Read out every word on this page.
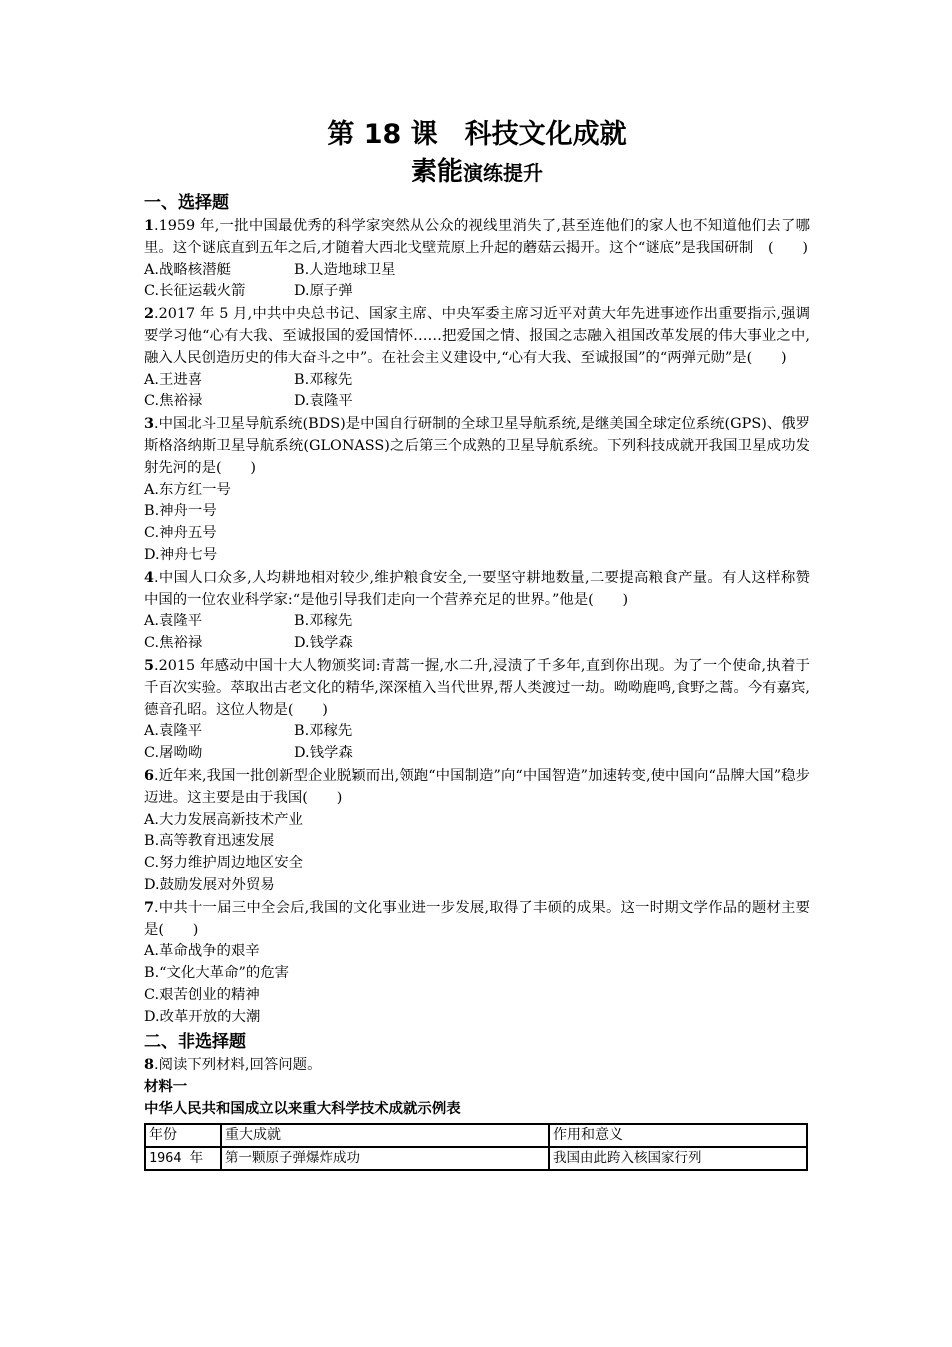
第 18 课　科技文化成就
素能演练提升
一、选择题
1.1959 年,一批中国最优秀的科学家突然从公众的视线里消失了,甚至连他们的家人也不知道他们去了哪里。这个谜底直到五年之后,才随着大西北戈壁荒原上升起的蘑菇云揭开。这个“谜底”是我国研制 (　　)
A.战略核潜艇	B.人造地球卫星
C.长征运载火箭	D.原子弹
2.2017 年 5 月,中共中央总书记、国家主席、中央军委主席习近平对黄大年先进事迹作出重要指示,强调要学习他“心有大我、至诚报国的爱国情怀……把爱国之情、报国之志融入祖国改革发展的伟大事业之中,融入人民创造历史的伟大奋斗之中”。在社会主义建设中,“心有大我、至诚报国”的“两弹元勋”是(　　)
A.王进喜	B.邓稼先
C.焦裕禄	D.袁隆平
3.中国北斗卫星导航系统(BDS)是中国自行研制的全球卫星导航系统,是继美国全球定位系统(GPS)、俄罗斯格洛纳斯卫星导航系统(GLONASS)之后第三个成熟的卫星导航系统。下列科技成就开我国卫星成功发射先河的是(　　)
A.东方红一号
B.神舟一号
C.神舟五号
D.神舟七号
4.中国人口众多,人均耕地相对较少,维护粮食安全,一要坚守耕地数量,二要提高粮食产量。有人这样称赞中国的一位农业科学家:“是他引导我们走向一个营养充足的世界。”他是(　　)
A.袁隆平	B.邓稼先
C.焦裕禄	D.钱学森
5.2015 年感动中国十大人物颁奖词:青蒿一握,水二升,浸渍了千多年,直到你出现。为了一个使命,执着于千百次实验。萃取出古老文化的精华,深深植入当代世界,帮人类渡过一劫。呦呦鹿鸣,食野之蒿。今有嘉宾,德音孔昭。这位人物是(　　)
A.袁隆平	B.邓稼先
C.屠呦呦	D.钱学森
6.近年来,我国一批创新型企业脱颖而出,领跑“中国制造”向“中国智造”加速转变,使中国向“品牌大国”稳步迈进。这主要是由于我国(　　)
A.大力发展高新技术产业
B.高等教育迅速发展
C.努力维护周边地区安全
D.鼓励发展对外贸易
7.中共十一届三中全会后,我国的文化事业进一步发展,取得了丰硕的成果。这一时期文学作品的题材主要是(　　)
A.革命战争的艰辛
B.“文化大革命”的危害
C.艰苦创业的精神
D.改革开放的大潮
二、非选择题
8.阅读下列材料,回答问题。
材料一
中华人民共和国成立以来重大科学技术成就示例表
年份	重大成就	作用和意义
1964 年	第一颗原子弹爆炸成功	我国由此跨入核国家行列
